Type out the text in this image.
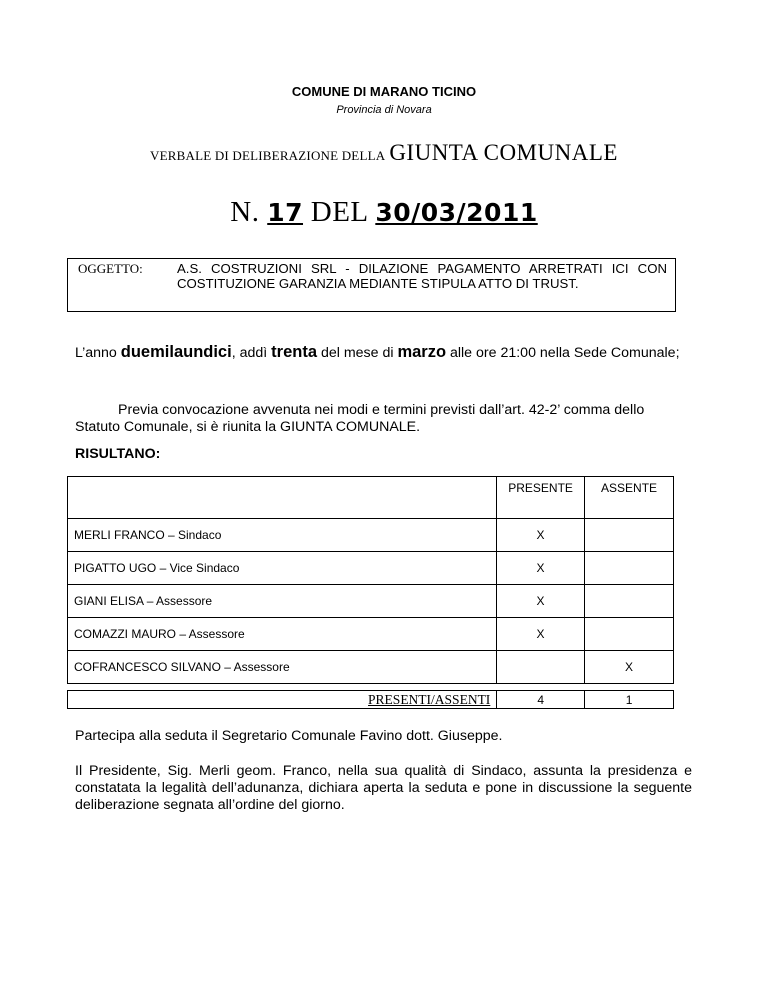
COMUNE DI MARANO TICINO
Provincia di Novara
VERBALE DI DELIBERAZIONE DELLA GIUNTA COMUNALE
N. 17 DEL 30/03/2011
OGGETTO:	A.S. COSTRUZIONI SRL - DILAZIONE PAGAMENTO ARRETRATI ICI CON COSTITUZIONE GARANZIA MEDIANTE STIPULA ATTO DI TRUST.
L’anno duemilaundici, addì trenta del mese di marzo alle ore 21:00 nella Sede Comunale;
Previa convocazione avvenuta nei modi e termini previsti dall’art. 42-2’ comma dello Statuto Comunale, si è riunita la GIUNTA COMUNALE.
RISULTANO:
	PRESENTE	ASSENTE
MERLI FRANCO – Sindaco	X	
PIGATTO UGO – Vice Sindaco	X	
GIANI ELISA – Assessore	X	
COMAZZI MAURO – Assessore	X	
COFRANCESCO SILVANO – Assessore		X
PRESENTI/ASSENTI	4	1
Partecipa alla seduta il Segretario Comunale Favino dott. Giuseppe.
Il Presidente, Sig. Merli geom. Franco, nella sua qualità di Sindaco, assunta la presidenza e constatata la legalità dell’adunanza, dichiara aperta la seduta e pone in discussione la seguente deliberazione segnata all’ordine del giorno.
